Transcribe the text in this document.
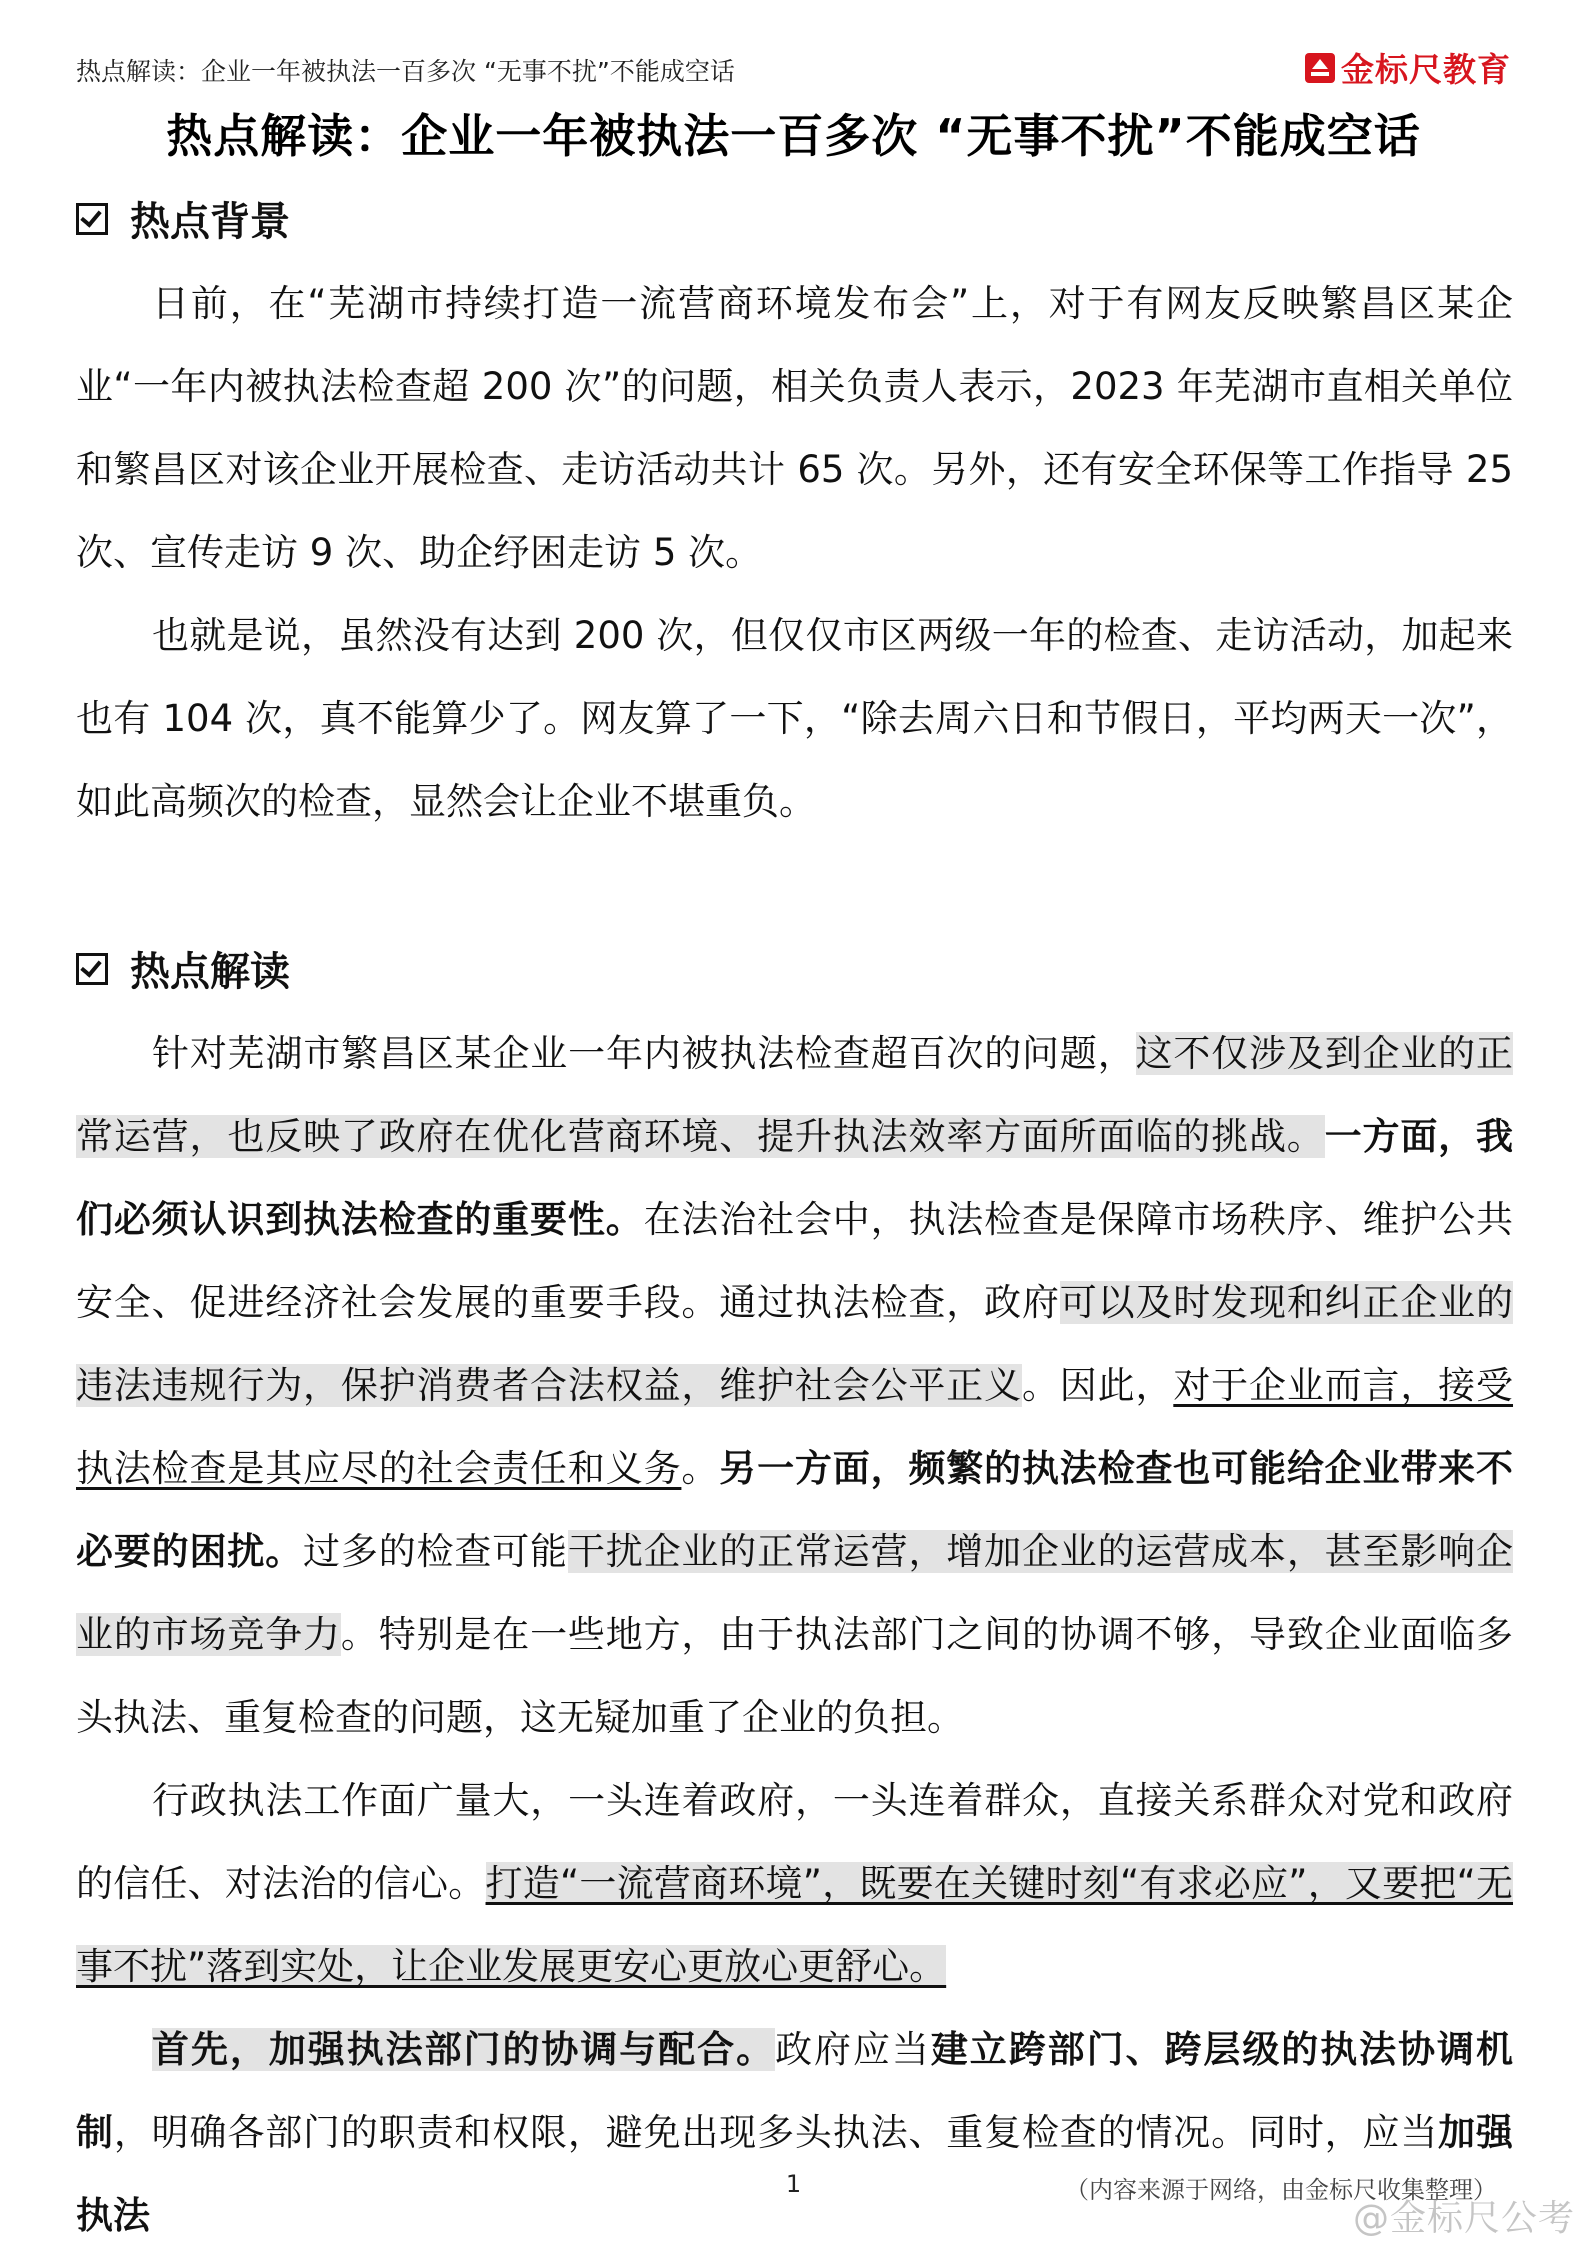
热点解读：企业一年被执法一百多次 “无事不扰”不能成空话	金标尺教育
热点解读：企业一年被执法一百多次 “无事不扰”不能成空话
热点背景

日前，在“芜湖市持续打造一流营商环境发布会”上，对于有网友反映繁昌区某企业“一年内被执法检查超 200 次”的问题，相关负责人表示，2023 年芜湖市直相关单位和繁昌区对该企业开展检查、走访活动共计 65 次。另外，还有安全环保等工作指导 25 次、宣传走访 9 次、助企纾困走访 5 次。

也就是说，虽然没有达到 200 次，但仅仅市区两级一年的检查、走访活动，加起来也有 104 次，真不能算少了。网友算了一下，“除去周六日和节假日，平均两天一次”，如此高频次的检查，显然会让企业不堪重负。

热点解读

针对芜湖市繁昌区某企业一年内被执法检查超百次的问题，这不仅涉及到企业的正常运营，也反映了政府在优化营商环境、提升执法效率方面所面临的挑战。一方面，我们必须认识到执法检查的重要性。在法治社会中，执法检查是保障市场秩序、维护公共安全、促进经济社会发展的重要手段。通过执法检查，政府可以及时发现和纠正企业的违法违规行为，保护消费者合法权益，维护社会公平正义。因此，对于企业而言，接受执法检查是其应尽的社会责任和义务。另一方面，频繁的执法检查也可能给企业带来不必要的困扰。过多的检查可能干扰企业的正常运营，增加企业的运营成本，甚至影响企业的市场竞争力。特别是在一些地方，由于执法部门之间的协调不够，导致企业面临多头执法、重复检查的问题，这无疑加重了企业的负担。

行政执法工作面广量大，一头连着政府，一头连着群众，直接关系群众对党和政府的信任、对法治的信心。打造“一流营商环境”，既要在关键时刻“有求必应”，又要把“无事不扰”落到实处，让企业发展更安心更放心更舒心。

首先，加强执法部门的协调与配合。政府应当建立跨部门、跨层级的执法协调机制，明确各部门的职责和权限，避免出现多头执法、重复检查的情况。同时，应当加强执法

1	（内容来源于网络，由金标尺收集整理）
@金标尺公考
